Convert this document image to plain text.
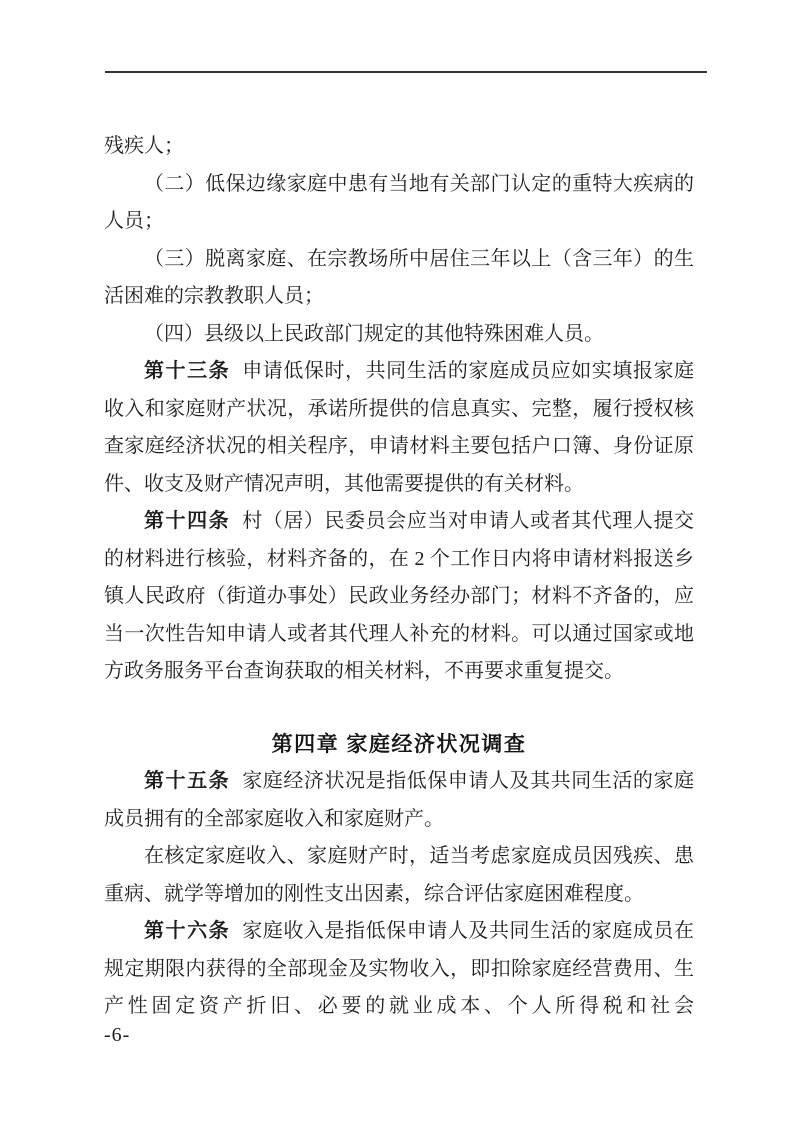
残疾人；

（二）低保边缘家庭中患有当地有关部门认定的重特大疾病的人员；

（三）脱离家庭、在宗教场所中居住三年以上（含三年）的生活困难的宗教教职人员；

（四）县级以上民政部门规定的其他特殊困难人员。

第十三条 申请低保时，共同生活的家庭成员应如实填报家庭收入和家庭财产状况，承诺所提供的信息真实、完整，履行授权核查家庭经济状况的相关程序，申请材料主要包括户口簿、身份证原件、收支及财产情况声明，其他需要提供的有关材料。

第十四条 村（居）民委员会应当对申请人或者其代理人提交的材料进行核验，材料齐备的，在 2 个工作日内将申请材料报送乡镇人民政府（街道办事处）民政业务经办部门；材料不齐备的，应当一次性告知申请人或者其代理人补充的材料。可以通过国家或地方政务服务平台查询获取的相关材料，不再要求重复提交。

第四章 家庭经济状况调查

第十五条 家庭经济状况是指低保申请人及其共同生活的家庭成员拥有的全部家庭收入和家庭财产。

在核定家庭收入、家庭财产时，适当考虑家庭成员因残疾、患重病、就学等增加的刚性支出因素，综合评估家庭困难程度。

第十六条 家庭收入是指低保申请人及共同生活的家庭成员在规定期限内获得的全部现金及实物收入，即扣除家庭经营费用、生产性固定资产折旧、必要的就业成本、个人所得税和社会

-6-
